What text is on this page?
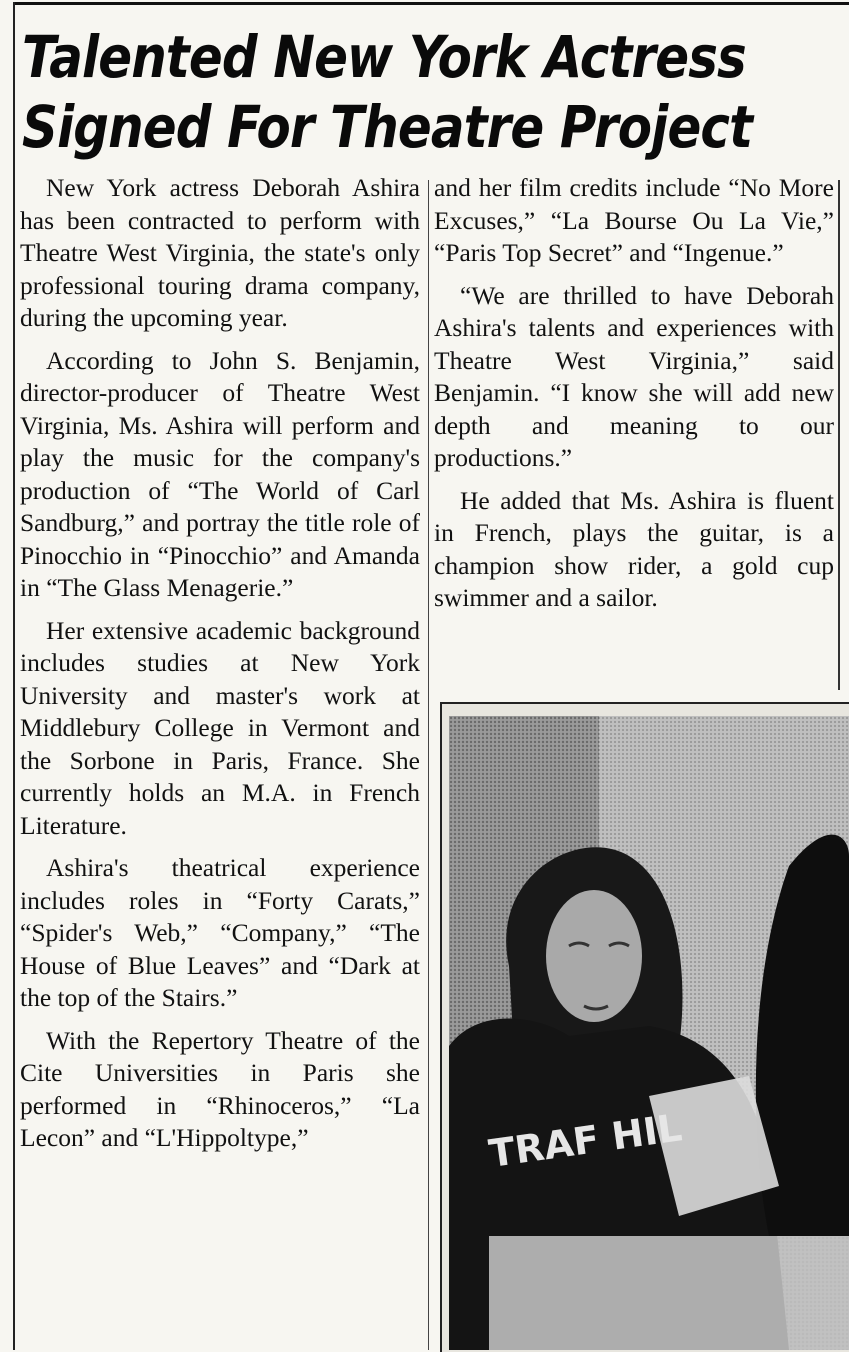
Talented New York Actress
Signed For Theatre Project

New York actress Deborah Ashira has been contracted to perform with Theatre West Virginia, the state's only professional touring drama company, during the upcoming year.

According to John S. Benjamin, director-producer of Theatre West Virginia, Ms. Ashira will perform and play the music for the company's production of “The World of Carl Sandburg,” and portray the title role of Pinocchio in “Pinocchio” and Amanda in “The Glass Menagerie.”

Her extensive academic background includes studies at New York University and master's work at Middlebury College in Vermont and the Sorbone in Paris, France. She currently holds an M.A. in French Literature.

Ashira's theatrical experience includes roles in “Forty Carats,” “Spider's Web,” “Company,” “The House of Blue Leaves” and “Dark at the top of the Stairs.”

With the Repertory Theatre of the Cite Universities in Paris she performed in “Rhinoceros,” “La Lecon” and “L'Hippoltype,”

and her film credits include “No More Excuses,” “La Bourse Ou La Vie,” “Paris Top Secret” and “Ingenue.”

“We are thrilled to have Deborah Ashira's talents and experiences with Theatre West Virginia,” said Benjamin. “I know she will add new depth and meaning to our productions.”

He added that Ms. Ashira is fluent in French, plays the guitar, is a champion show rider, a gold cup swimmer and a sailor.

TRAF HIL
